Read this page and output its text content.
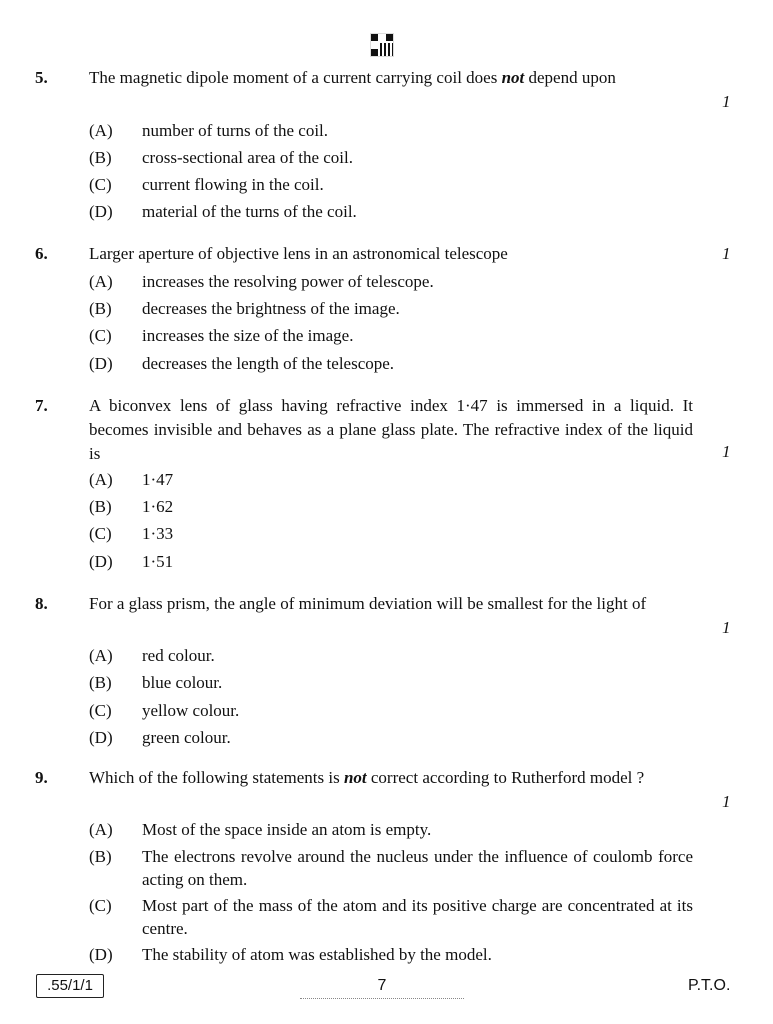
5. The magnetic dipole moment of a current carrying coil does not depend upon
1
(A) number of turns of the coil.
(B) cross-sectional area of the coil.
(C) current flowing in the coil.
(D) material of the turns of the coil.
6. Larger aperture of objective lens in an astronomical telescope	1
(A) increases the resolving power of telescope.
(B) decreases the brightness of the image.
(C) increases the size of the image.
(D) decreases the length of the telescope.
7. A biconvex lens of glass having refractive index 1·47 is immersed in a liquid. It becomes invisible and behaves as a plane glass plate. The refractive index of the liquid is	1
(A) 1·47
(B) 1·62
(C) 1·33
(D) 1·51
8. For a glass prism, the angle of minimum deviation will be smallest for the light of
1
(A) red colour.
(B) blue colour.
(C) yellow colour.
(D) green colour.
9. Which of the following statements is not correct according to Rutherford model ?
1
(A) Most of the space inside an atom is empty.
(B) The electrons revolve around the nucleus under the influence of coulomb force acting on them.
(C) Most part of the mass of the atom and its positive charge are concentrated at its centre.
(D) The stability of atom was established by the model.
.55/1/1	7	P.T.O.
